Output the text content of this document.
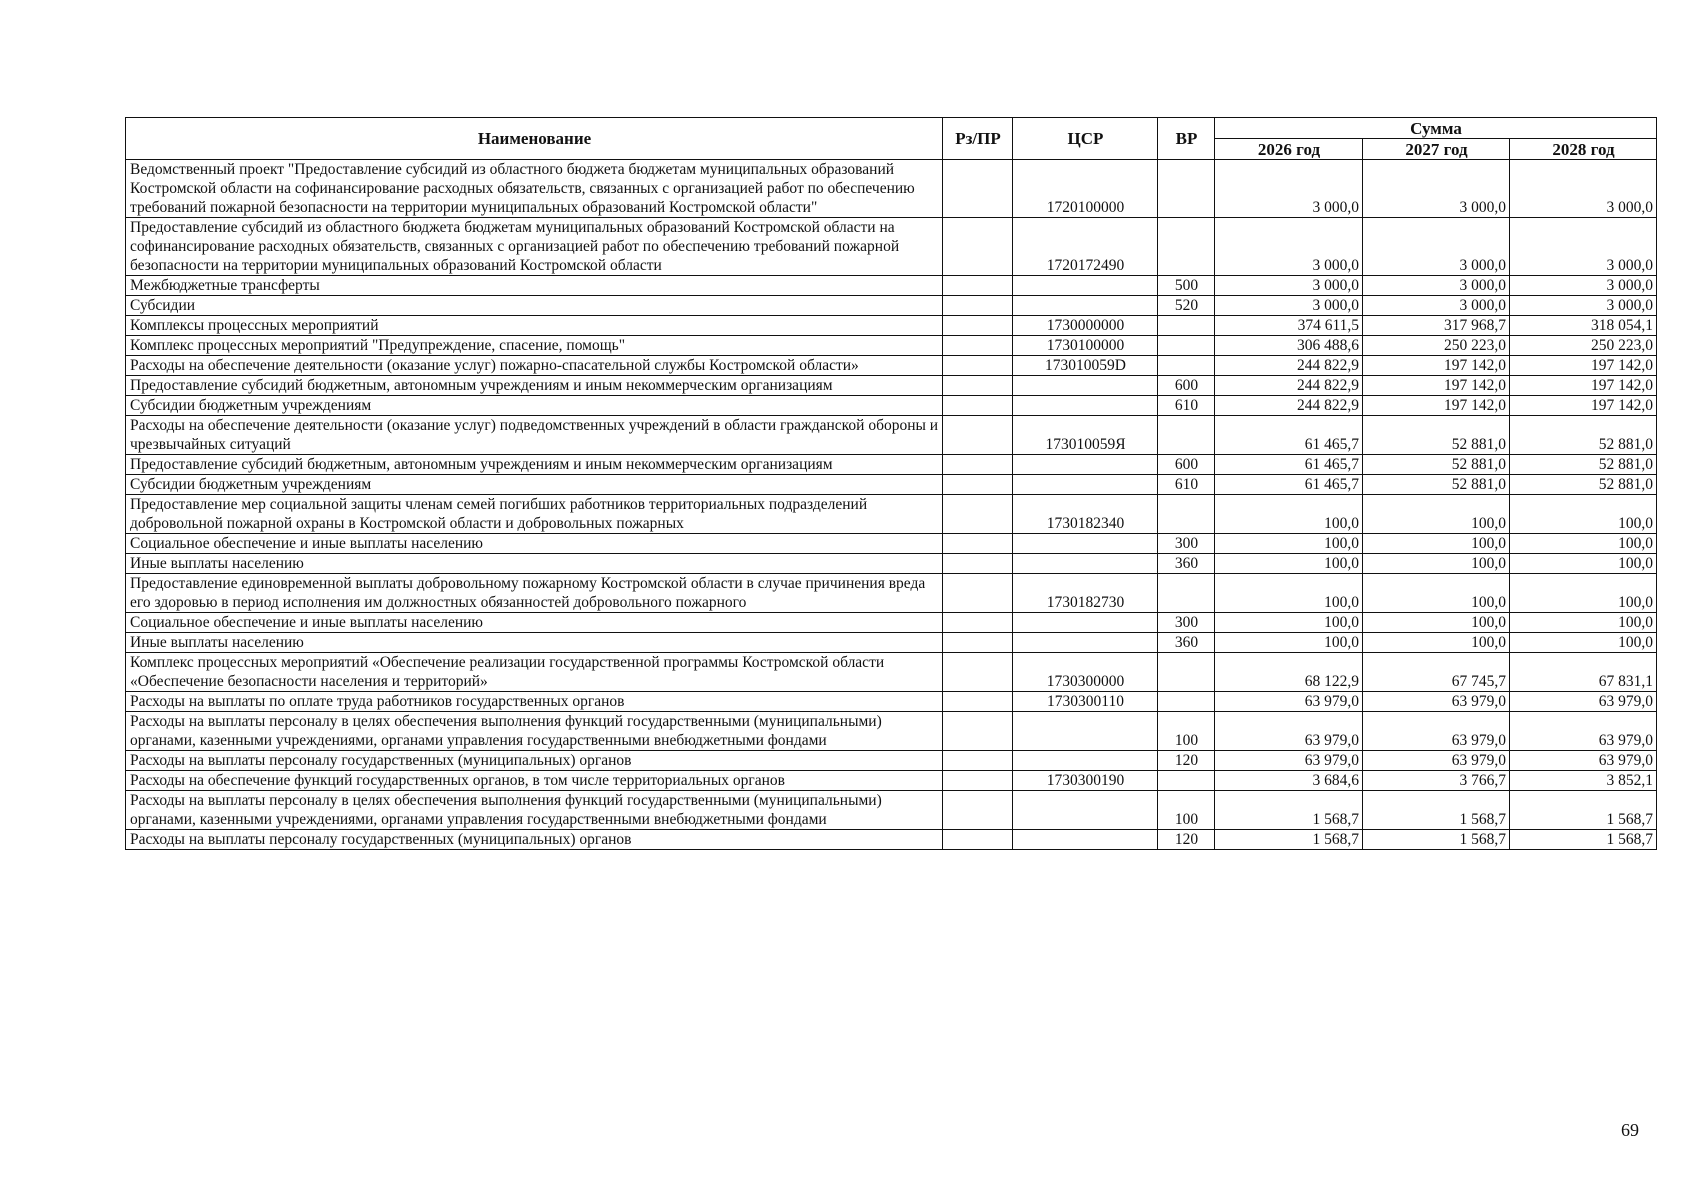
Наименование	Рз/ПР	ЦСР	ВР	Сумма		
				2026 год	2027 год	2028 год
Ведомственный проект "Предоставление субсидий из областного бюджета бюджетам муниципальных образований Костромской области на софинансирование расходных обязательств, связанных с организацией работ по обеспечению требований пожарной безопасности на территории муниципальных образований Костромской области"		1720100000		3 000,0	3 000,0	3 000,0
Предоставление субсидий из областного бюджета бюджетам муниципальных образований Костромской области на софинансирование расходных обязательств, связанных с организацией работ по обеспечению требований пожарной безопасности на территории муниципальных образований Костромской области		1720172490		3 000,0	3 000,0	3 000,0
Межбюджетные трансферты			500	3 000,0	3 000,0	3 000,0
Субсидии			520	3 000,0	3 000,0	3 000,0
Комплексы процессных мероприятий		1730000000		374 611,5	317 968,7	318 054,1
Комплекс процессных мероприятий "Предупреждение, спасение, помощь"		1730100000		306 488,6	250 223,0	250 223,0
Расходы на обеспечение деятельности (оказание услуг) пожарно-спасательной службы Костромской области»		173010059D		244 822,9	197 142,0	197 142,0
Предоставление субсидий бюджетным, автономным учреждениям и иным некоммерческим организациям			600	244 822,9	197 142,0	197 142,0
Субсидии бюджетным учреждениям			610	244 822,9	197 142,0	197 142,0
Расходы на обеспечение деятельности (оказание услуг) подведомственных учреждений в области гражданской обороны и чрезвычайных ситуаций		173010059Я		61 465,7	52 881,0	52 881,0
Предоставление субсидий бюджетным, автономным учреждениям и иным некоммерческим организациям			600	61 465,7	52 881,0	52 881,0
Субсидии бюджетным учреждениям			610	61 465,7	52 881,0	52 881,0
Предоставление мер социальной защиты членам семей погибших работников территориальных подразделений добровольной пожарной охраны в Костромской области и добровольных пожарных		1730182340		100,0	100,0	100,0
Социальное обеспечение и иные выплаты населению			300	100,0	100,0	100,0
Иные выплаты населению			360	100,0	100,0	100,0
Предоставление единовременной выплаты добровольному пожарному Костромской области в случае причинения вреда его здоровью в период исполнения им должностных обязанностей добровольного пожарного		1730182730		100,0	100,0	100,0
Социальное обеспечение и иные выплаты населению			300	100,0	100,0	100,0
Иные выплаты населению			360	100,0	100,0	100,0
Комплекс процессных мероприятий «Обеспечение реализации государственной программы Костромской области «Обеспечение безопасности населения и территорий»		1730300000		68 122,9	67 745,7	67 831,1
Расходы на выплаты по оплате труда работников государственных органов		1730300110		63 979,0	63 979,0	63 979,0
Расходы на выплаты персоналу в целях обеспечения выполнения функций государственными (муниципальными) органами, казенными учреждениями, органами управления государственными внебюджетными фондами			100	63 979,0	63 979,0	63 979,0
Расходы на выплаты персоналу государственных (муниципальных) органов			120	63 979,0	63 979,0	63 979,0
Расходы на обеспечение функций государственных органов, в том числе территориальных органов		1730300190		3 684,6	3 766,7	3 852,1
Расходы на выплаты персоналу в целях обеспечения выполнения функций государственными (муниципальными) органами, казенными учреждениями, органами управления государственными внебюджетными фондами			100	1 568,7	1 568,7	1 568,7
Расходы на выплаты персоналу государственных (муниципальных) органов			120	1 568,7	1 568,7	1 568,7
69
